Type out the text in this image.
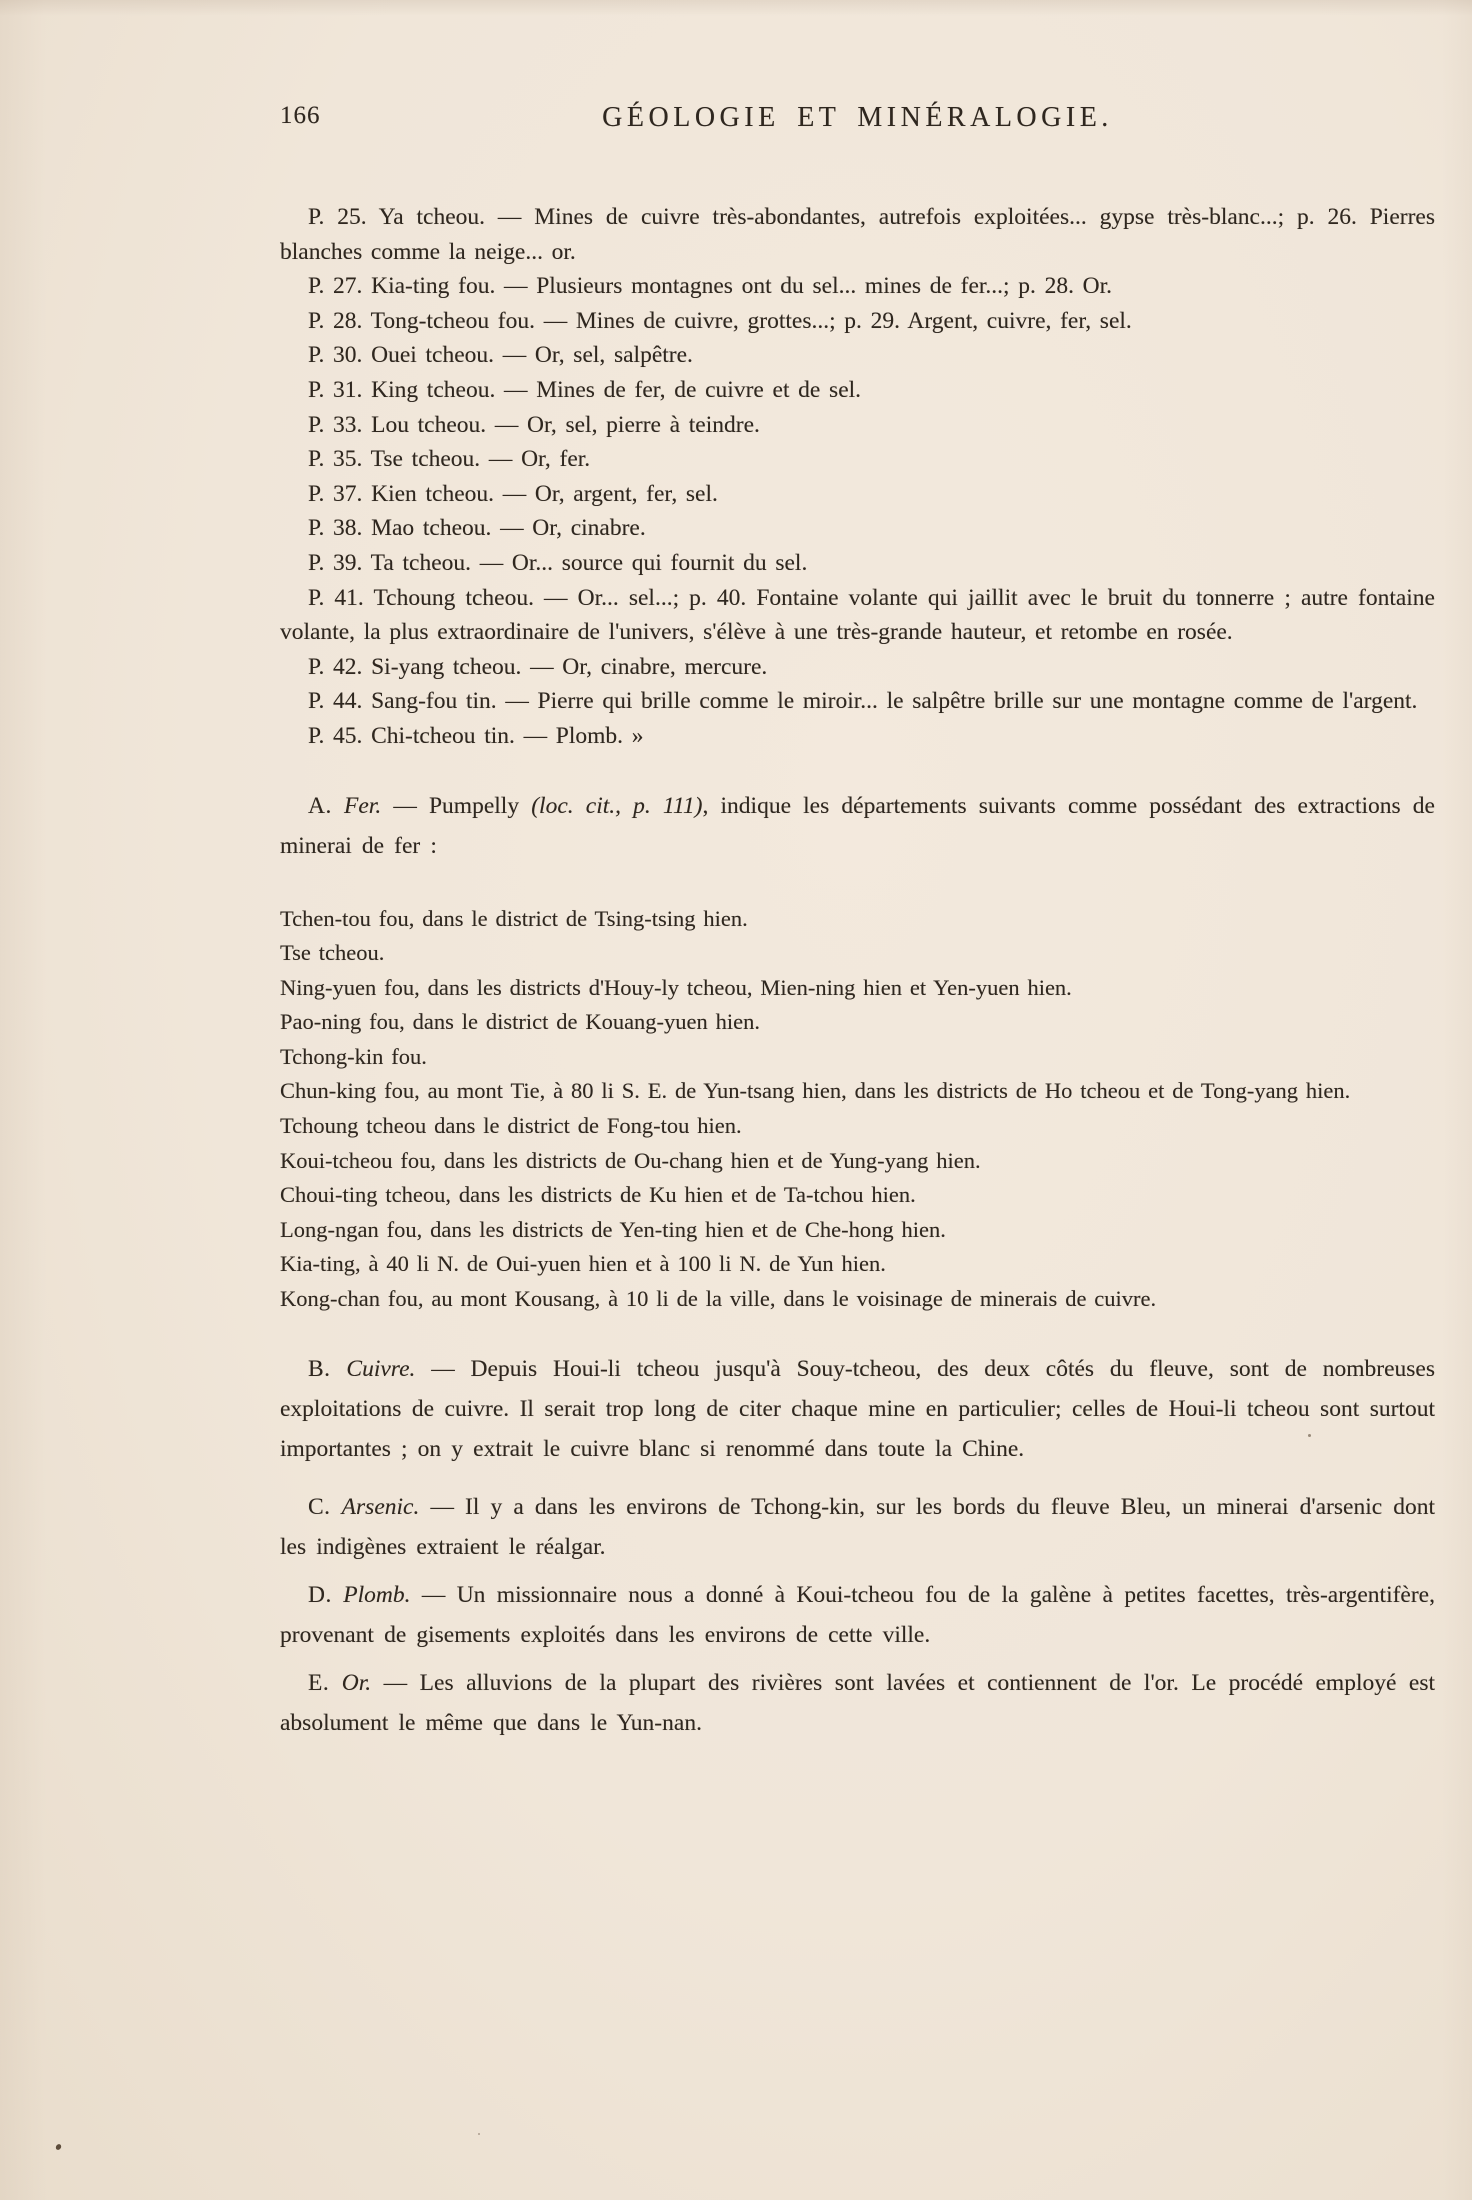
166	GÉOLOGIE ET MINÉRALOGIE.

P. 25. Ya tcheou. — Mines de cuivre très-abondantes, autrefois exploitées... gypse très-blanc...; p. 26. Pierres blanches comme la neige... or.

P. 27. Kia-ting fou. — Plusieurs montagnes ont du sel... mines de fer...; p. 28. Or.

P. 28. Tong-tcheou fou. — Mines de cuivre, grottes...; p. 29. Argent, cuivre, fer, sel.

P. 30. Ouei tcheou. — Or, sel, salpêtre.

P. 31. King tcheou. — Mines de fer, de cuivre et de sel.

P. 33. Lou tcheou. — Or, sel, pierre à teindre.

P. 35. Tse tcheou. — Or, fer.

P. 37. Kien tcheou. — Or, argent, fer, sel.

P. 38. Mao tcheou. — Or, cinabre.

P. 39. Ta tcheou. — Or... source qui fournit du sel.

P. 41. Tchoung tcheou. — Or... sel...; p. 40. Fontaine volante qui jaillit avec le bruit du tonnerre ; autre fontaine volante, la plus extraordinaire de l'univers, s'élève à une très-grande hauteur, et retombe en rosée.

P. 42. Si-yang tcheou. — Or, cinabre, mercure.

P. 44. Sang-fou tin. — Pierre qui brille comme le miroir... le salpêtre brille sur une montagne comme de l'argent.

P. 45. Chi-tcheou tin. — Plomb. »

A. Fer. — Pumpelly (loc. cit., p. 111), indique les départements suivants comme possédant des extractions de minerai de fer :

Tchen-tou fou, dans le district de Tsing-tsing hien.

Tse tcheou.

Ning-yuen fou, dans les districts d'Houy-ly tcheou, Mien-ning hien et Yen-yuen hien.

Pao-ning fou, dans le district de Kouang-yuen hien.

Tchong-kin fou.

Chun-king fou, au mont Tie, à 80 li S. E. de Yun-tsang hien, dans les districts de Ho tcheou et de Tong-yang hien.

Tchoung tcheou dans le district de Fong-tou hien.

Koui-tcheou fou, dans les districts de Ou-chang hien et de Yung-yang hien.

Choui-ting tcheou, dans les districts de Ku hien et de Ta-tchou hien.

Long-ngan fou, dans les districts de Yen-ting hien et de Che-hong hien.

Kia-ting, à 40 li N. de Oui-yuen hien et à 100 li N. de Yun hien.

Kong-chan fou, au mont Kousang, à 10 li de la ville, dans le voisinage de minerais de cuivre.

B. Cuivre. — Depuis Houi-li tcheou jusqu'à Souy-tcheou, des deux côtés du fleuve, sont de nombreuses exploitations de cuivre. Il serait trop long de citer chaque mine en particulier; celles de Houi-li tcheou sont surtout importantes ; on y extrait le cuivre blanc si renommé dans toute la Chine.

C. Arsenic. — Il y a dans les environs de Tchong-kin, sur les bords du fleuve Bleu, un minerai d'arsenic dont les indigènes extraient le réalgar.

D. Plomb. — Un missionnaire nous a donné à Koui-tcheou fou de la galène à petites facettes, très-argentifère, provenant de gisements exploités dans les environs de cette ville.

E. Or. — Les alluvions de la plupart des rivières sont lavées et contiennent de l'or. Le procédé employé est absolument le même que dans le Yun-nan.
